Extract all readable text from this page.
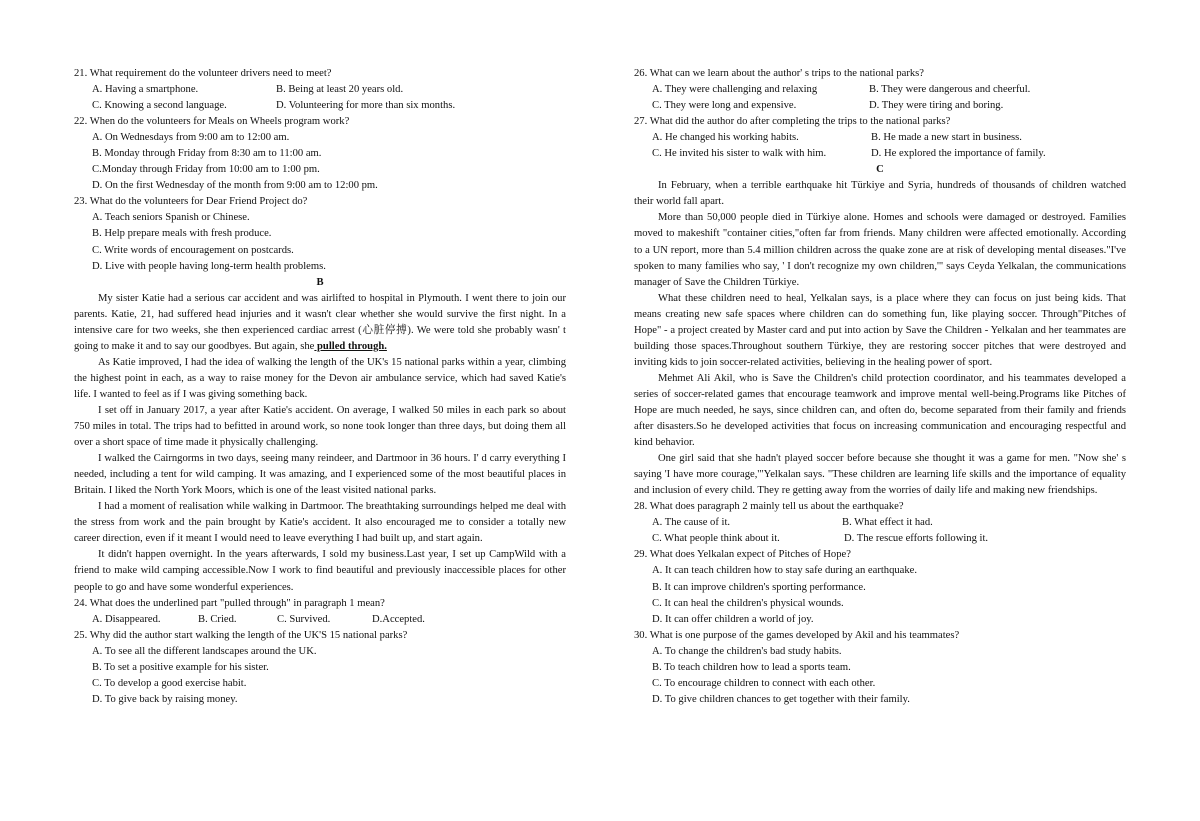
21. What requirement do the volunteer drivers need to meet?

A. Having a smartphone.	B. Being at least 20 years old.
C. Knowing a second language.	D. Volunteering for more than six months.

22. When do the volunteers for Meals on Wheels program work?

A. On Wednesdays from 9:00 am to 12:00 am.

B. Monday through Friday from 8:30 am to 11:00 am.

C.Monday through Friday from 10:00 am to 1:00 pm.

D. On the first Wednesday of the month from 9:00 am to 12:00 pm.

23. What do the volunteers for Dear Friend Project do?

A. Teach seniors Spanish or Chinese.

B. Help prepare meals with fresh produce.

C. Write words of encouragement on postcards.

D. Live with people having long-term health problems.

B

My sister Katie had a serious car accident and was airlifted to hospital in Plymouth. I went there to join our parents. Katie, 21, had suffered head injuries and it wasn't clear whether she would survive the first night. In a intensive care for two weeks, she then experienced cardiac arrest (心脏停搏). We were told she probably wasn' t going to make it and to say our goodbyes. But again, she pulled through.

As Katie improved, I had the idea of walking the length of the UK's 15 national parks within a year, climbing the highest point in each, as a way to raise money for the Devon air ambulance service, which had saved Katie's life. I wanted to feel as if I was giving something back.

I set off in January 2017, a year after Katie's accident. On average, I walked 50 miles in each park so about 750 miles in total. The trips had to befitted in around work, so none took longer than three days, but doing them all over a short space of time made it physically challenging.

I walked the Cairngorms in two days, seeing many reindeer, and Dartmoor in 36 hours. I' d carry everything I needed, including a tent for wild camping. It was amazing, and I experienced some of the most beautiful places in Britain. I liked the North York Moors, which is one of the least visited national parks.

I had a moment of realisation while walking in Dartmoor. The breathtaking surroundings helped me deal with the stress from work and the pain brought by Katie's accident. It also encouraged me to consider a totally new career direction, even if it meant I would need to leave everything I had built up, and start again.

It didn't happen overnight. In the years afterwards, I sold my business.Last year, I set up CampWild with a friend to make wild camping accessible.Now I work to find beautiful and previously inaccessible places for other people to go and have some wonderful experiences.

24. What does the underlined part "pulled through" in paragraph 1 mean?

A. Disappeared.	B. Cried.	C. Survived.	D.Accepted.

25. Why did the author start walking the length of the UK'S 15 national parks?

A. To see all the different landscapes around the UK.

B. To set a positive example for his sister.

C. To develop a good exercise habit.

D. To give back by raising money.

26. What can we learn about the author' s trips to the national parks?

A. They were challenging and relaxing	B. They were dangerous and cheerful.
C. They were long and expensive.	D. They were tiring and boring.

27. What did the author do after completing the trips to the national parks?

A. He changed his working habits.	B. He made a new start in business.
C. He invited his sister to walk with him.	D. He explored the importance of family.

C

In February, when a terrible earthquake hit Türkiye and Syria, hundreds of thousands of children watched their world fall apart.

More than 50,000 people died in Türkiye alone. Homes and schools were damaged or destroyed. Families moved to makeshift "container cities,"often far from friends. Many children were affected emotionally. According to a UN report, more than 5.4 million children across the quake zone are at risk of developing mental diseases."I've spoken to many families who say, ' I don't recognize my own children,'" says Ceyda Yelkalan, the communications manager of Save the Children Türkiye.

What these children need to heal, Yelkalan says, is a place where they can focus on just being kids. That means creating new safe spaces where children can do something fun, like playing soccer. Through"Pitches of Hope" - a project created by Master card and put into action by Save the Children - Yelkalan and her teammates are building those spaces.Throughout southern Türkiye, they are restoring soccer pitches that were destroyed and inviting kids to join soccer-related activities, believing in the healing power of sport.

Mehmet Ali Akil, who is Save the Children's child protection coordinator, and his teammates developed a series of soccer-related games that encourage teamwork and improve mental well-being.Programs like Pitches of Hope are much needed, he says, since children can, and often do, become separated from their family and friends after disasters.So he developed activities that focus on increasing communication and encouraging respectful and kind behavior.

One girl said that she hadn't played soccer before because she thought it was a game for men. "Now she' s saying 'I have more courage,'"Yelkalan says. "These children are learning life skills and the importance of equality and inclusion of every child. They re getting away from the worries of daily life and making new friendships.

28. What does paragraph 2 mainly tell us about the earthquake?

A. The cause of it.	B. What effect it had.
C. What people think about it.	D. The rescue efforts following it.

29. What does Yelkalan expect of Pitches of Hope?

A. It can teach children how to stay safe during an earthquake.

B. It can improve children's sporting performance.

C. It can heal the children's physical wounds.

D. It can offer children a world of joy.

30. What is one purpose of the games developed by Akil and his teammates?

A. To change the children's bad study habits.

B. To teach children how to lead a sports team.

C. To encourage children to connect with each other.

D. To give children chances to get together with their family.
